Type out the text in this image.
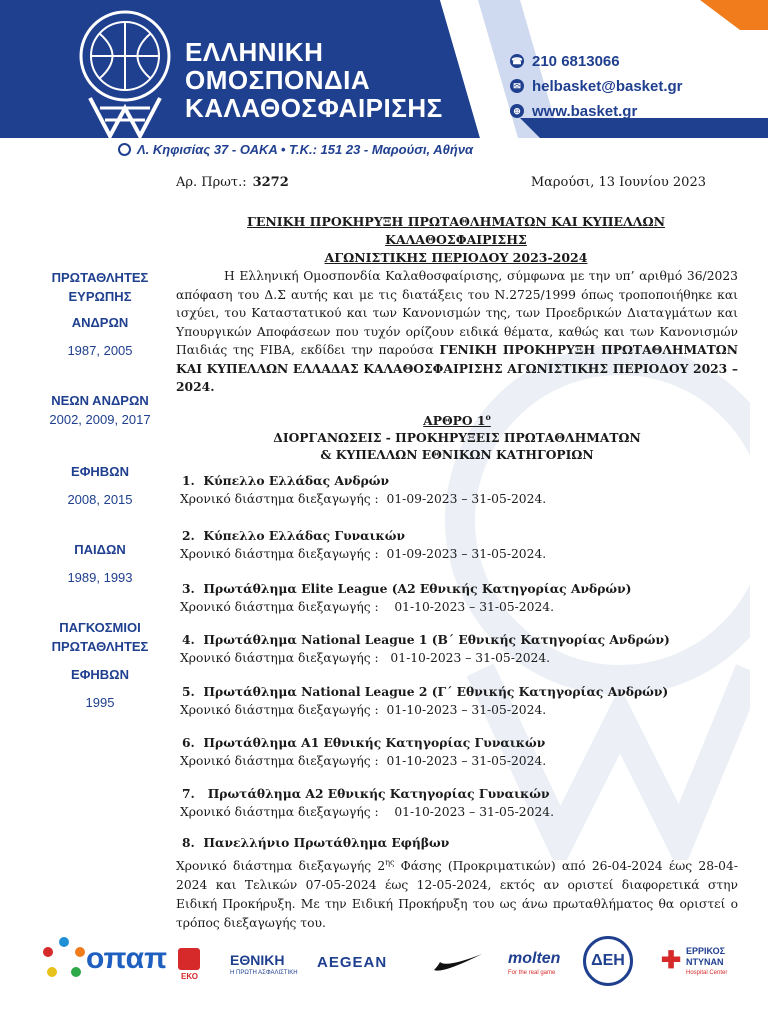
ΕΛΛΗΝΙΚΗ
ΟΜΟΣΠΟΝΔΙΑ
ΚΑΛΑΘΟΣΦΑΙΡΙΣΗΣ
☎ 210 6813066
✉ helbasket@basket.gr
⊕ www.basket.gr
Λ. Κηφισίας 37 - ΟΑΚΑ • Τ.Κ.: 151 23 - Μαρούσι, Αθήνα
Αρ. Πρωτ.: 3272	Μαρούσι, 13 Ιουνίου 2023
ΓΕΝΙΚΗ ΠΡΟΚΗΡΥΞΗ ΠΡΩΤΑΘΛΗΜΑΤΩΝ ΚΑΙ ΚΥΠΕΛΛΩΝ ΚΑΛΑΘΟΣΦΑΙΡΙΣΗΣ
ΑΓΩΝΙΣΤΙΚΗΣ ΠΕΡΙΟΔΟΥ 2023-2024
ΠΡΩΤΑΘΛΗΤΕΣ
ΕΥΡΩΠΗΣ
ΑΝΔΡΩΝ
1987, 2005
ΝΕΩΝ ΑΝΔΡΩΝ
2002, 2009, 2017
ΕΦΗΒΩΝ
2008, 2015
ΠΑΙΔΩΝ
1989, 1993
ΠΑΓΚΟΣΜΙΟΙ
ΠΡΩΤΑΘΛΗΤΕΣ
ΕΦΗΒΩΝ
1995
Η Ελληνική Ομοσπονδία Καλαθοσφαίρισης, σύμφωνα με την υπ’ αριθμό 36/2023 απόφαση του Δ.Σ αυτής και με τις διατάξεις του Ν.2725/1999 όπως τροποποιήθηκε και ισχύει, του Καταστατικού και των Κανονισμών της, των Προεδρικών Διαταγμάτων και Υπουργικών Αποφάσεων που τυχόν ορίζουν ειδικά θέματα, καθώς και των Κανονισμών Παιδιάς της FIBA, εκδίδει την παρούσα ΓΕΝΙΚΗ ΠΡΟΚΗΡΥΞΗ ΠΡΩΤΑΘΛΗΜΑΤΩΝ ΚΑΙ ΚΥΠΕΛΛΩΝ ΕΛΛΑΔΑΣ ΚΑΛΑΘΟΣΦΑΙΡΙΣΗΣ ΑΓΩΝΙΣΤΙΚΗΣ ΠΕΡΙΟΔΟΥ 2023 – 2024.
ΑΡΘΡΟ $1^o$
ΔΙΟΡΓΑΝΩΣΕΙΣ - ΠΡΟΚΗΡΥΞΕΙΣ ΠΡΩΤΑΘΛΗΜΑΤΩΝ
& ΚΥΠΕΛΛΩΝ ΕΘΝΙΚΩΝ ΚΑΤΗΓΟΡΙΩΝ
1. Κύπελλο Ελλάδας Ανδρών
Χρονικό διάστημα διεξαγωγής : 01-09-2023 – 31-05-2024.
2. Κύπελλο Ελλάδας Γυναικών
Χρονικό διάστημα διεξαγωγής : 01-09-2023 – 31-05-2024.
3. Πρωτάθλημα Elite League (Α2 Εθνικής Κατηγορίας Ανδρών)
Χρονικό διάστημα διεξαγωγής : 01-10-2023 – 31-05-2024.
4. Πρωτάθλημα National League 1 (Β΄ Εθνικής Κατηγορίας Ανδρών)
Χρονικό διάστημα διεξαγωγής : 01-10-2023 – 31-05-2024.
5. Πρωτάθλημα National League 2 (Γ΄ Εθνικής Κατηγορίας Ανδρών)
Χρονικό διάστημα διεξαγωγής : 01-10-2023 – 31-05-2024.
6. Πρωτάθλημα Α1 Εθνικής Κατηγορίας Γυναικών
Χρονικό διάστημα διεξαγωγής : 01-10-2023 – 31-05-2024.
7. Πρωτάθλημα Α2 Εθνικής Κατηγορίας Γυναικών
Χρονικό διάστημα διεξαγωγής : 01-10-2023 – 31-05-2024.
8. Πανελλήνιο Πρωτάθλημα Εφήβων
Χρονικό διάστημα διεξαγωγής $2^{\eta\varsigma}$ Φάσης (Προκριματικών) από 26-04-2024 έως 28-04-2024 και Τελικών 07-05-2024 έως 12-05-2024, εκτός αν οριστεί διαφορετικά στην Ειδική Προκήρυξη. Με την Ειδική Προκήρυξη του ως άνω πρωταθλήματος θα οριστεί ο τρόπος διεξαγωγής του.
οπαπ
ΕΚΟ
ΕΘΝΙΚΗ
Η ΠΡΩΤΗ ΑΣΦΑΛΙΣΤΙΚΗ
AEGEAN	molten
For the real game
ΔΕΗ ✚ ΕΡΡΙΚΟΣ
ΝΤΥΝΑΝ
Hospital Center
